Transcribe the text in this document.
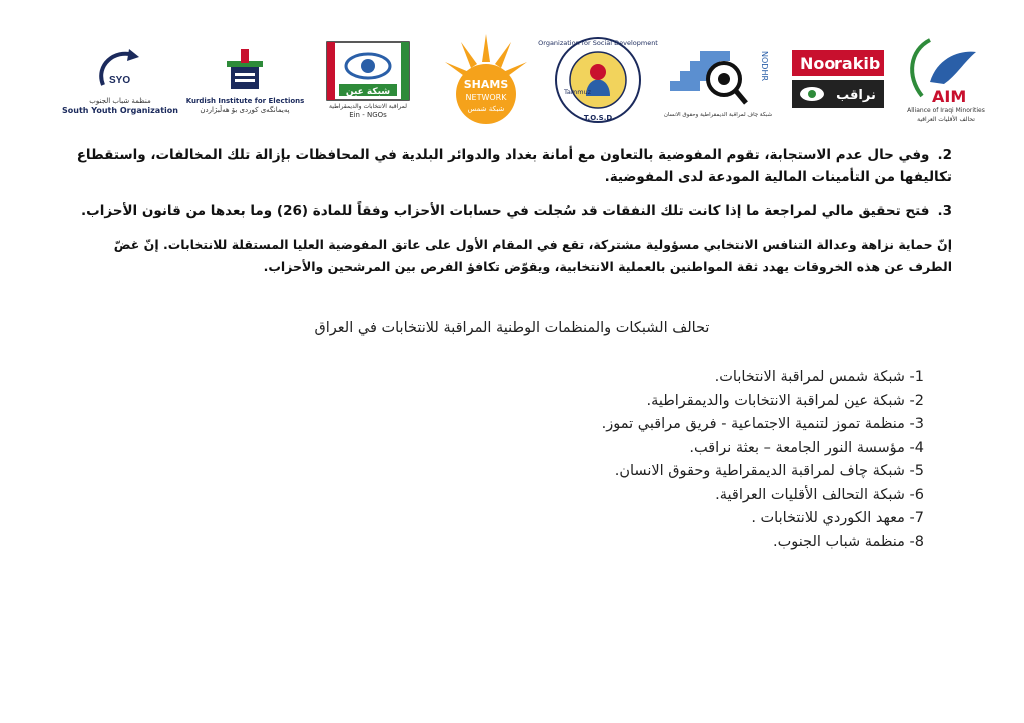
SYO
منظمة شباب الجنوب
South Youth Organization
Kurdish Institute for Elections
پەیمانگەی کوردی بۆ هەڵبژاردن
شبكة عين
لمراقبة الانتخابات والديمقراطية
Ein - NGOs
SHAMS
NETWORK
شبكة شمس
Organization for Social Development
Tammuz
T.O.S.D
NODHR
شبكة چاف لمراقبة الديمقراطية وحقوق الانسان
Noo
rakib
نراقب	AIM
Alliance of Iraqi Minorities
تحالف الأقليات العراقية
2.وفي حال عدم الاستجابة، تقوم المفوضية بالتعاون مع أمانة بغداد والدوائر البلدية في المحافظات بإزالة تلك المخالفات، واستقطاع تكاليفها من التأمينات المالية المودعة لدى المفوضية.
3.فتح تحقيق مالي لمراجعة ما إذا كانت تلك النفقات قد سُجلت في حسابات الأحزاب وفقاً للمادة (26) وما بعدها من قانون الأحزاب.
إنّ حماية نزاهة وعدالة التنافس الانتخابي مسؤولية مشتركة، تقع في المقام الأول على عاتق المفوضية العليا المستقلة للانتخابات. إنّ غضّ الطرف عن هذه الخروقات يهدد ثقة المواطنين بالعملية الانتخابية، ويقوّض تكافؤ الفرص بين المرشحين والأحزاب.
تحالف الشبكات والمنظمات الوطنية المراقبة للانتخابات في العراق
1- شبكة شمس لمراقبة الانتخابات.
2- شبكة عين لمراقبة الانتخابات والديمقراطية.
3- منظمة تموز لتنمية الاجتماعية - فريق مراقبي تموز.
4- مؤسسة النور الجامعة – بعثة نراقب.
5- شبكة چاف لمراقبة الديمقراطية وحقوق الانسان.
6- شبكة التحالف الأقليات العراقية.
7- معهد الكوردي للانتخابات .
8- منظمة شباب الجنوب.
